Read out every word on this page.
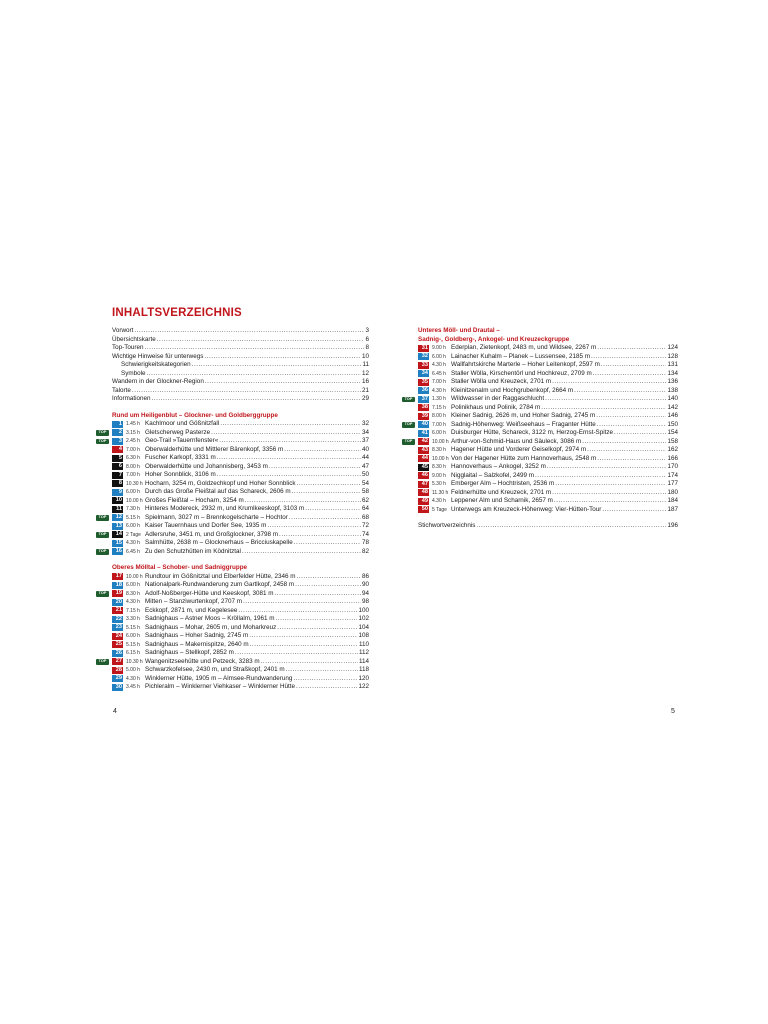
INHALTSVERZEICHNIS
Vorwort . . .	3
Übersichtskarte . . .	6
Top-Touren . . .	8
Wichtige Hinweise für unterwegs . . .	10
Schwierigkeitskategorien . . .	11
Symbole . . .	12
Wandern in der Glockner-Region . . .	16
Talorte . . .	21
Informationen . . .	29
Rund um Heiligenblut – Glockner- und Goldberggruppe
1 1.45 h Kachlmoor und Gößnitzfall . . .	32
TOP	2 3.15 h Gletscherweg Pasterze . . .	34
TOP	3 2.45 h Geo-Trail »Tauernfenster« . . .	37
4 7.00 h Oberwalderhütte und Mittlerer Bärenkopf, 3356 m . . .	40
5 6.30 h Fuscher Karkopf, 3331 m . . .	44
6 8.00 h Oberwalderhütte und Johannisberg, 3453 m . . .	47
7 7.00 h Hoher Sonnblick, 3106 m . . .	50
8 10.30 h Hocharn, 3254 m, Goldzechkopf und Hoher Sonnblick . . .	54
9 6.00 h Durch das Große Fleißtal auf das Schareck, 2606 m . . .	58
10 10.00 h Großes Fleißtal – Hocharn, 3254 m . . .	62
11 7.30 h Hinteres Modereck, 2932 m, und Krumlkeeskopf, 3103 m . . .	64
TOP	12 5.15 h Spielmann, 3027 m – Brennkogelscharte – Hochtor . . .	68
13 6.00 h Kaiser Tauernhaus und Dorfer See, 1935 m . . .	72
TOP	14 2 Tage Adlersruhe, 3451 m, und Großglockner, 3798 m . . .	74
15 4.30 h Salmhütte, 2638 m – Glocknerhaus – Bricciuskapelle . . .	78
TOP	16 6.45 h Zu den Schutzhütten im Ködnitztal . . .	82
Oberes Mölltal – Schober- und Sadniggruppe
17 10.00 h Rundtour im Gößnitztal und Elberfelder Hütte, 2346 m . . .	86
18 6.00 h Nationalpark-Rundwanderung zum Gartlkopf, 2458 m . . .	90
TOP	19 8.30 h Adolf-Noßberger-Hütte und Keeskopf, 3081 m . . .	94
20 4.30 h Mitten – Stanziwurtenkopf, 2707 m . . .	98
21 7.15 h Eckkopf, 2871 m, und Kegelesee . . .	100
22 3.30 h Sadnighaus – Astner Moos – Kröllalm, 1961 m . . .	102
23 5.15 h Sadnighaus – Mohar, 2605 m, und Moharkreuz . . .	104
24 6.00 h Sadnighaus – Hoher Sadnig, 2745 m . . .	108
25 5.15 h Sadnighaus – Makernispitze, 2640 m . . .	110
26 6.15 h Sadnighaus – Stellkopf, 2852 m . . .	112
TOP	27 10.30 h Wangenitzseehütte und Petzeck, 3283 m . . .	114
28 5.00 h Schwarzkofelsee, 2430 m, und Straßkopf, 2401 m . . .	118
29 4.30 h Winklerner Hütte, 1905 m – Almsee-Rundwanderung . . .	120
30 3.45 h Pichleralm – Winklerner Viehkaser – Winklerner Hütte . . .	122
4
Unteres Möll- und Drautal –
Sadnig-, Goldberg-, Ankogel- und Kreuzeckgruppe
31 9.00 h Ederplan, Zietenkopf, 2483 m, und Wildsee, 2267 m . . .	124
32 6.00 h Lainacher Kuhalm – Planek – Lussensee, 2185 m . . .	128
33 4.30 h Wallfahrtskirche Marterle – Hoher Leitenkopf, 2597 m . . .	131
34 6.45 h Staller Wölla, Kirschentörl und Hochkreuz, 2709 m . . .	134
35 7.00 h Staller Wölla und Kreuzeck, 2701 m . . .	136
36 4.30 h Kleinitzenalm und Hochgrubenkopf, 2664 m . . .	138
TOP	37 1.30 h Wildwasser in der Raggaschlucht . . .	140
38 7.15 h Polinikhaus und Polinik, 2784 m . . .	142
39 8.00 h Kleiner Sadnig, 2626 m, und Hoher Sadnig, 2745 m . . .	146
TOP	40 7.00 h Sadnig-Höhenweg: Weißseehaus – Fraganter Hütte . . .	150
41 6.00 h Duisburger Hütte, Schareck, 3122 m, Herzog-Ernst-Spitze . . .	154
TOP	42 10.00 h Arthur-von-Schmid-Haus und Säuleck, 3086 m . . .	158
43 8.30 h Hagener Hütte und Vorderer Geiselkopf, 2974 m . . .	162
44 10.00 h Von der Hagener Hütte zum Hannoverhaus, 2548 m . . .	166
45 8.30 h Hannoverhaus – Ankogel, 3252 m . . .	170
46 9.00 h Nigglaital – Salzkofel, 2499 m . . .	174
47 5.30 h Emberger Alm – Hochtristen, 2536 m . . .	177
48 11.30 h Feldnerhütte und Kreuzeck, 2701 m . . .	180
49 4.30 h Leppener Alm und Scharnik, 2657 m . . .	184
50 5 Tage Unterwegs am Kreuzeck-Höhenweg: Vier-Hütten-Tour . . .	187
Stichwortverzeichnis . . .	196
5
